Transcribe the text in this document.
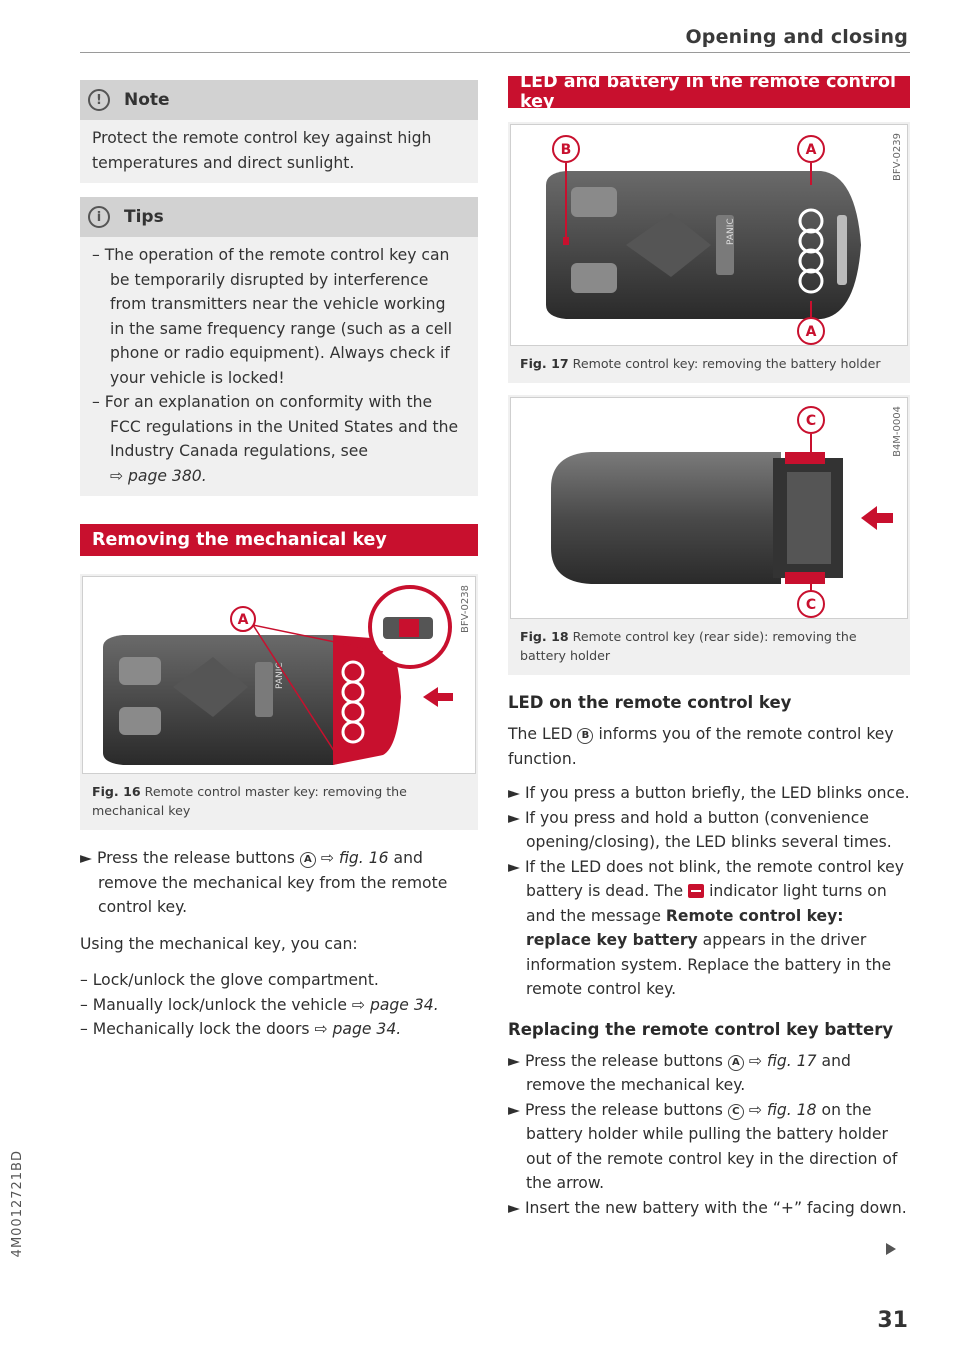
Opening and closing
!	Note
Protect the remote control key against high temperatures and direct sunlight.
i	Tips
– The operation of the remote control key can be temporarily disrupted by interference from transmitters near the vehicle working in the same frequency range (such as a cell phone or radio equipment). Always check if your vehicle is locked!
– For an explanation on conformity with the FCC regulations in the United States and the Industry Canada regulations, see
⇨ page 380.
Removing the mechanical key
PANIC
A	BFV-0238
Fig. 16 Remote control master key: removing the mechanical key
► Press the release buttons A ⇨ fig. 16 and remove the mechanical key from the remote control key.
Using the mechanical key, you can:
– Lock/unlock the glove compartment.
– Manually lock/unlock the vehicle ⇨ page 34.
– Mechanically lock the doors ⇨ page 34.
LED and battery in the remote control key
PANIC
B	A
A
BFV-0239
Fig. 17 Remote control key: removing the battery holder
C
C
B4M-0004
Fig. 18 Remote control key (rear side): removing the battery holder
LED on the remote control key
The LED B informs you of the remote control key function.
► If you press a button briefly, the LED blinks once.
► If you press and hold a button (convenience opening/closing), the LED blinks several times.
► If the LED does not blink, the remote control key battery is dead. The indicator light turns on and the message Remote control key: replace key battery appears in the driver information system. Replace the battery in the remote control key.
Replacing the remote control key battery
► Press the release buttons A ⇨ fig. 17 and remove the mechanical key.
► Press the release buttons C ⇨ fig. 18 on the battery holder while pulling the battery holder out of the remote control key in the direction of the arrow.
► Insert the new battery with the “+” facing down.
31
4M0012721BD
